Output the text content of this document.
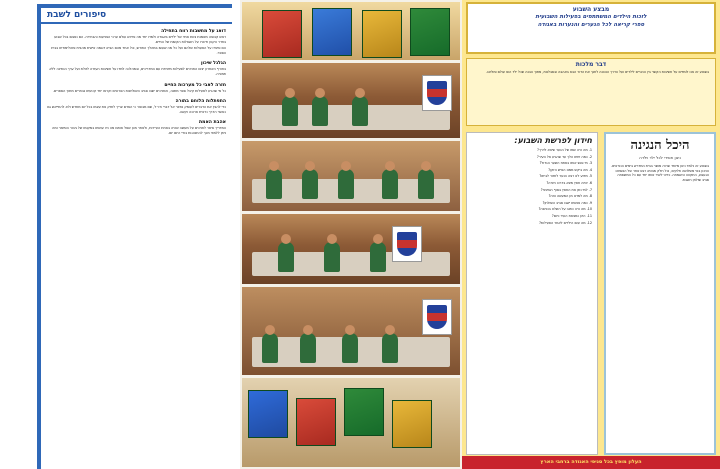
סיפורים לשבת
דואג על מחשבות רווח בתחילה
ראש קבוצה מאמנת צוות אחד של ילדים באגודה ולמדו יחד מה פירוש עולם ערכי הצניעות והבחירה. הם נפגשו בכל שבוע בחדר הקטן ודיברו על השאלות הקשות של החיים.
הם סיפרו על הפעולות שלהם ועל כל מה שעשו במהלך החודש, וכל אחד מהם הביא דוגמה אישית מהבית ומהלימודים בבית הספר.
הגלגל שיכון
בחורף האחרון יצאו החניכים לפעילות מיוחדת עם המדריכים, ובמהלכה למדו על חשיבות העזרה לזולת ועל ערך הנתינה ללא תמורה.
חזרה לאבי כל מערכות החיים
כל מי שהגיע לפעילות קיבל ספר מתנה, והחניכים ישבו סביב השולחנות הארוכים וקראו יחד קטעים נבחרים מתוך הספרים.
התפתלות הלוחם בתורה
כדי להבין את הדברים לעומק נחזור אל דברי חז״ל, שם מבואר כי האדם צריך לחזק את עצמו בכל יום מחדש ולא להתייאש גם כאשר הדרך נראית ארוכה וקשה.
אהבת האמת
המדריך סיפר לחניכים על מעשה שהיה באחת העיירות, ולאחר מכן שאל אותם מה היו עושים במקומו של גיבור הסיפור ומה ניתן ללמוד מכך להתנהגות בחיי היום יום.
מבצע השבוע
לזכות הילדים המשתתפים בפעילות השבועית
ספרי קריאה לכל הנערים והנערות באגודה
דבר מלכות
בשבוע זה אנו לומדים על חשיבות הקשר בין ההורים לילדים ועל הדרך הנכונה לחנך את הדור הבא באהבה ובסבלנות, מתוך הבנה שכל ילד הוא עולם ומלואו.
חידון לפרשת השבוע:
1. מה היה שמו של הנער שיצא לדרך?
2. כמה ימים הלך עד שהגיע אל העיר?
3. מי פגש אותו בפתח השער הגדול?
4. מה ביקש ממנו האיש הזקן?
5. מדוע לא רצה הנער לחזור לביתו?
6. איזה חפץ מצא בדרכו חזרה?
7. למי נתן את החפץ בסוף הסיפור?
8. מה למדנו מן המעשה הזה?
9. כמה אנשים ישבו סביב השולחן?
10. מה היה כתוב על השלט בכניסה?
11. היכן נמצאת העיר כיום?
12. מה עשו הילדים לאחר הפעילות?
היכל הנגינה
ניגון חסידי לכל ילד וילדה
בשבוע זה נלמד ניגון מיוחד שהיה מושר בבית המדרש בימים הנוראים. הניגון בנוי משלושה חלקים, וכל חלק מבטא רגש אחר של הנשמה: הגעגוע, התקווה והשמחה. כדאי לשיר אותו יחד עם כל המשפחה סביב שולחן השבת.
העלון מופץ בכל סניפי האגודה ברחבי הארץ
